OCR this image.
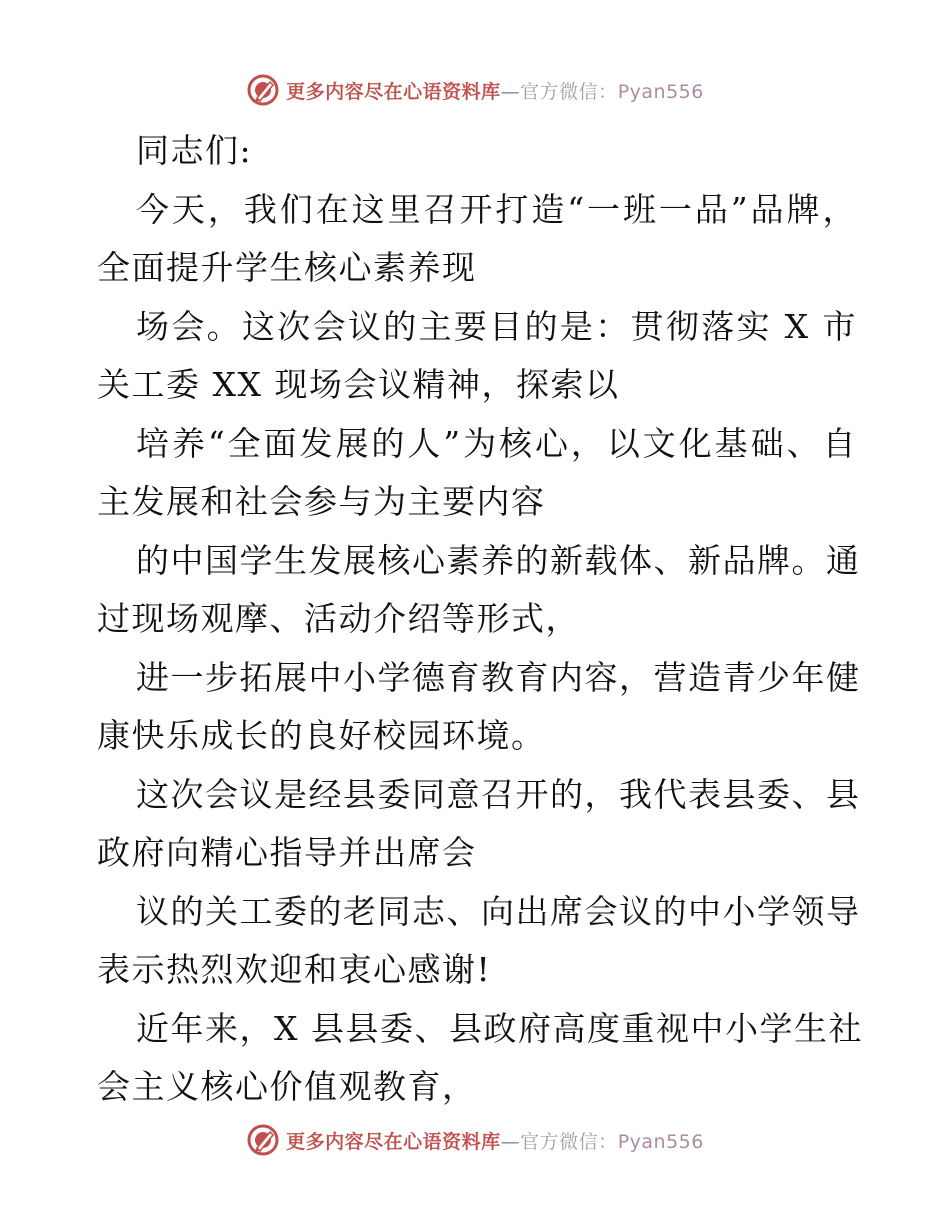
更多内容尽在心语资料库—官方微信：Pyan556
同志们:
今天，我们在这里召开打造“一班一品”品牌，
全面提升学生核心素养现
场会。这次会议的主要目的是：贯彻落实 X 市
关工委 XX 现场会议精神，探索以
培养“全面发展的人”为核心，以文化基础、自
主发展和社会参与为主要内容
的中国学生发展核心素养的新载体、新品牌。通
过现场观摩、活动介绍等形式，
进一步拓展中小学德育教育内容，营造青少年健
康快乐成长的良好校园环境。
这次会议是经县委同意召开的，我代表县委、县
政府向精心指导并出席会
议的关工委的老同志、向出席会议的中小学领导
表示热烈欢迎和衷心感谢!
近年来，X 县县委、县政府高度重视中小学生社
会主义核心价值观教育，
更多内容尽在心语资料库—官方微信：Pyan556
